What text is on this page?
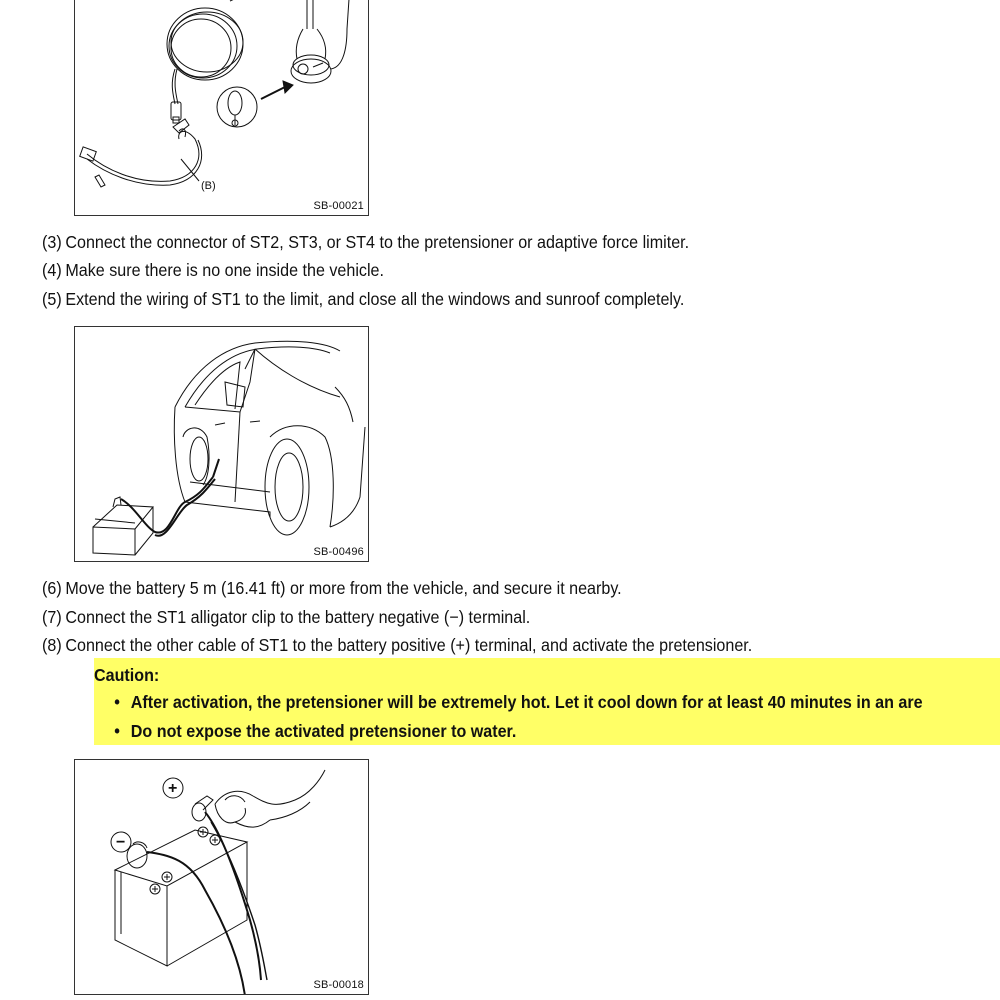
(B)
SB-00021
(3) Connect the connector of ST2, ST3, or ST4 to the pretensioner or adaptive force limiter.
(4) Make sure there is no one inside the vehicle.
(5) Extend the wiring of ST1 to the limit, and close all the windows and sunroof completely.
SB-00496
(6) Move the battery 5 m (16.41 ft) or more from the vehicle, and secure it nearby.
(7) Connect the ST1 alligator clip to the battery negative (−) terminal.
(8) Connect the other cable of ST1 to the battery positive (+) terminal, and activate the pretensioner.
Caution:
• After activation, the pretensioner will be extremely hot. Let it cool down for at least 40 minutes in an are
• Do not expose the activated pretensioner to water.
+
−
SB-00018
